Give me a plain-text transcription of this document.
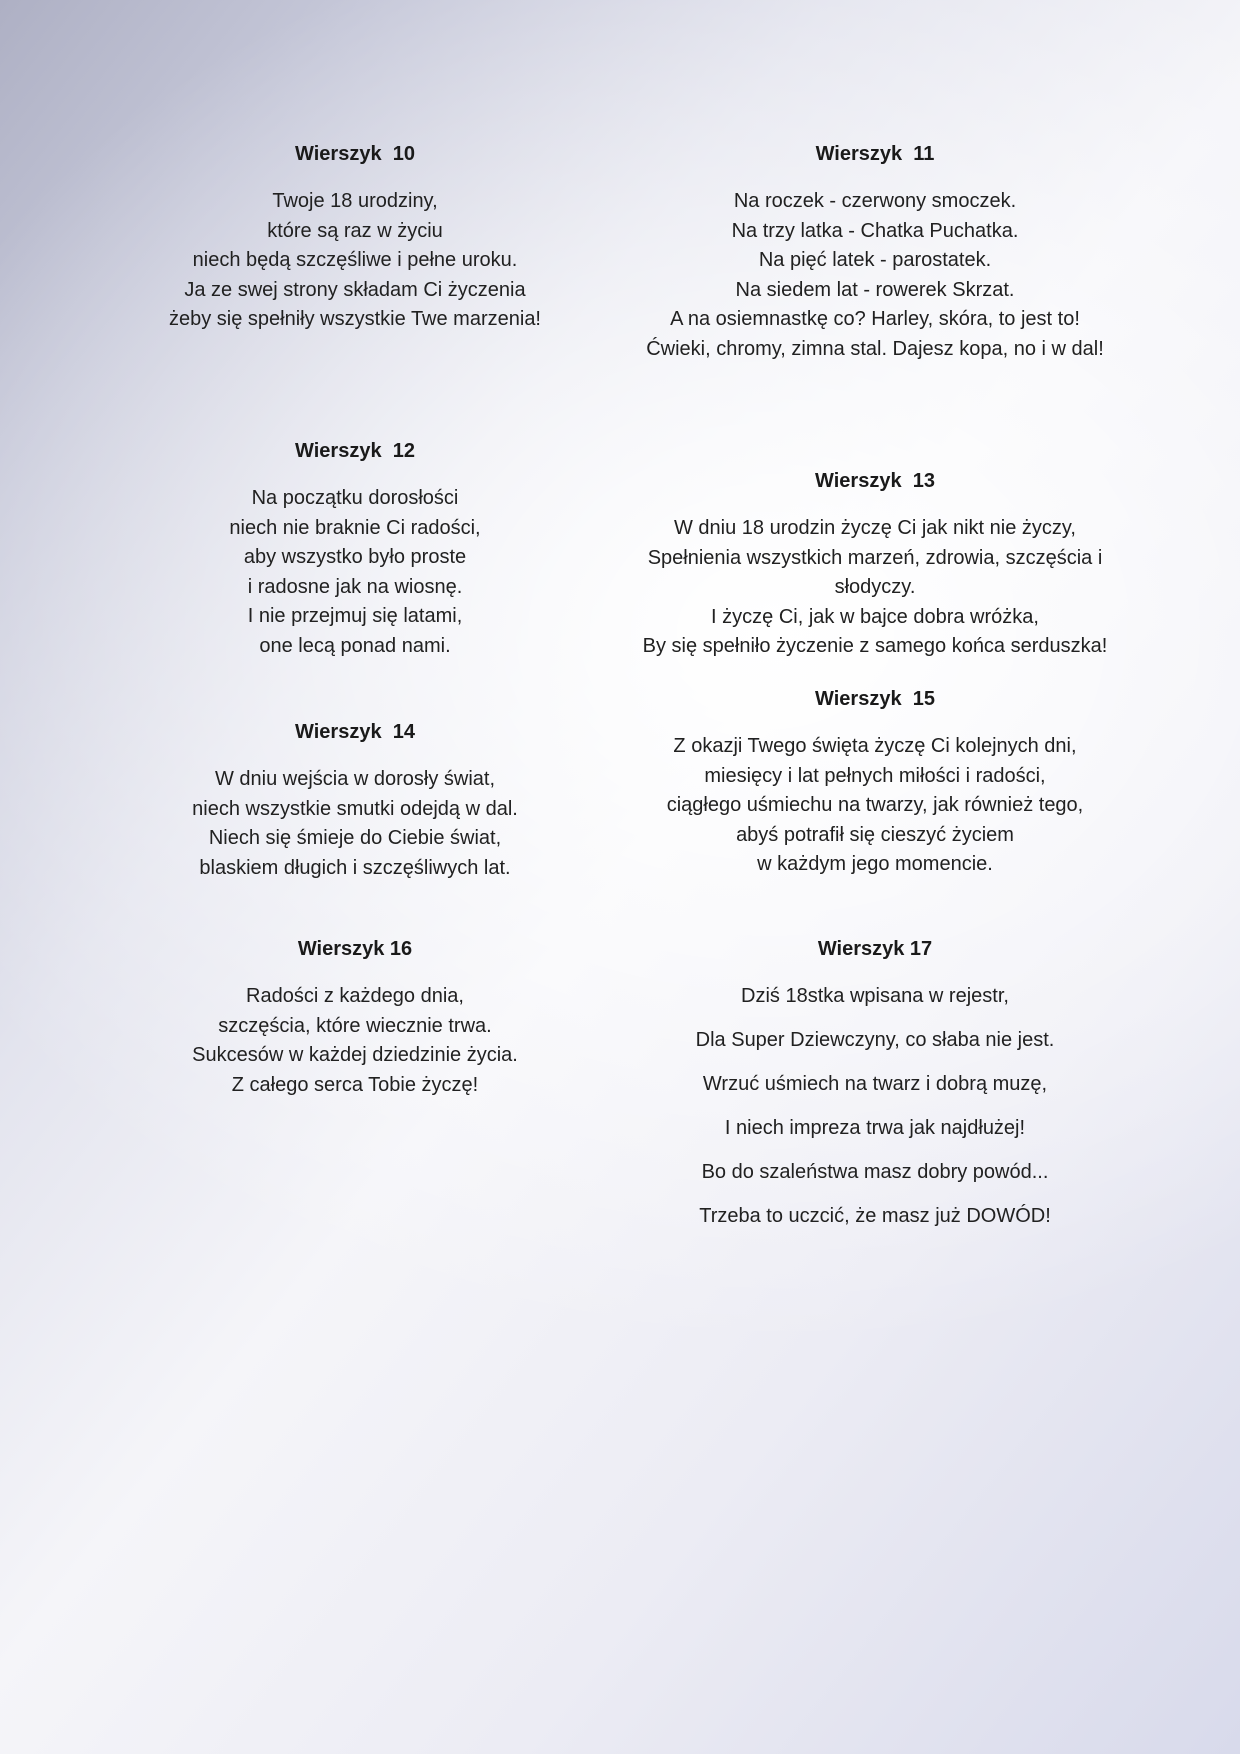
Wierszyk  10
Twoje 18 urodziny,
które są raz w życiu
niech będą szczęśliwe i pełne uroku.
Ja ze swej strony składam Ci życzenia
żeby się spełniły wszystkie Twe marzenia!
Wierszyk  11
Na roczek - czerwony smoczek.
Na trzy latka - Chatka Puchatka.
Na pięć latek - parostatek.
Na siedem lat - rowerek Skrzat.
A na osiemnastkę co? Harley, skóra, to jest to!
Ćwieki, chromy, zimna stal. Dajesz kopa, no i w dal!
Wierszyk  12
Na początku dorosłości
niech nie braknie Ci radości,
aby wszystko było proste
i radosne jak na wiosnę.
I nie przejmuj się latami,
one lecą ponad nami.
Wierszyk  13
W dniu 18 urodzin życzę Ci jak nikt nie życzy,
Spełnienia wszystkich marzeń, zdrowia, szczęścia i słodyczy.
I życzę Ci, jak w bajce dobra wróżka,
By się spełniło życzenie z samego końca serduszka!
Wierszyk  14
W dniu wejścia w dorosły świat,
niech wszystkie smutki odejdą w dal.
Niech się śmieje do Ciebie świat,
blaskiem długich i szczęśliwych lat.
Wierszyk  15
Z okazji Twego święta życzę Ci kolejnych dni,
miesięcy i lat pełnych miłości i radości,
ciągłego uśmiechu na twarzy, jak również tego,
abyś potrafił się cieszyć życiem
w każdym jego momencie.
Wierszyk 16
Radości z każdego dnia,
szczęścia, które wiecznie trwa.
Sukcesów w każdej dziedzinie życia.
Z całego serca Tobie życzę!
Wierszyk 17
Dziś 18stka wpisana w rejestr,
Dla Super Dziewczyny, co słaba nie jest.
Wrzuć uśmiech na twarz i dobrą muzę,
I niech impreza trwa jak najdłużej!
Bo do szaleństwa masz dobry powód...
Trzeba to uczcić, że masz już DOWÓD!
